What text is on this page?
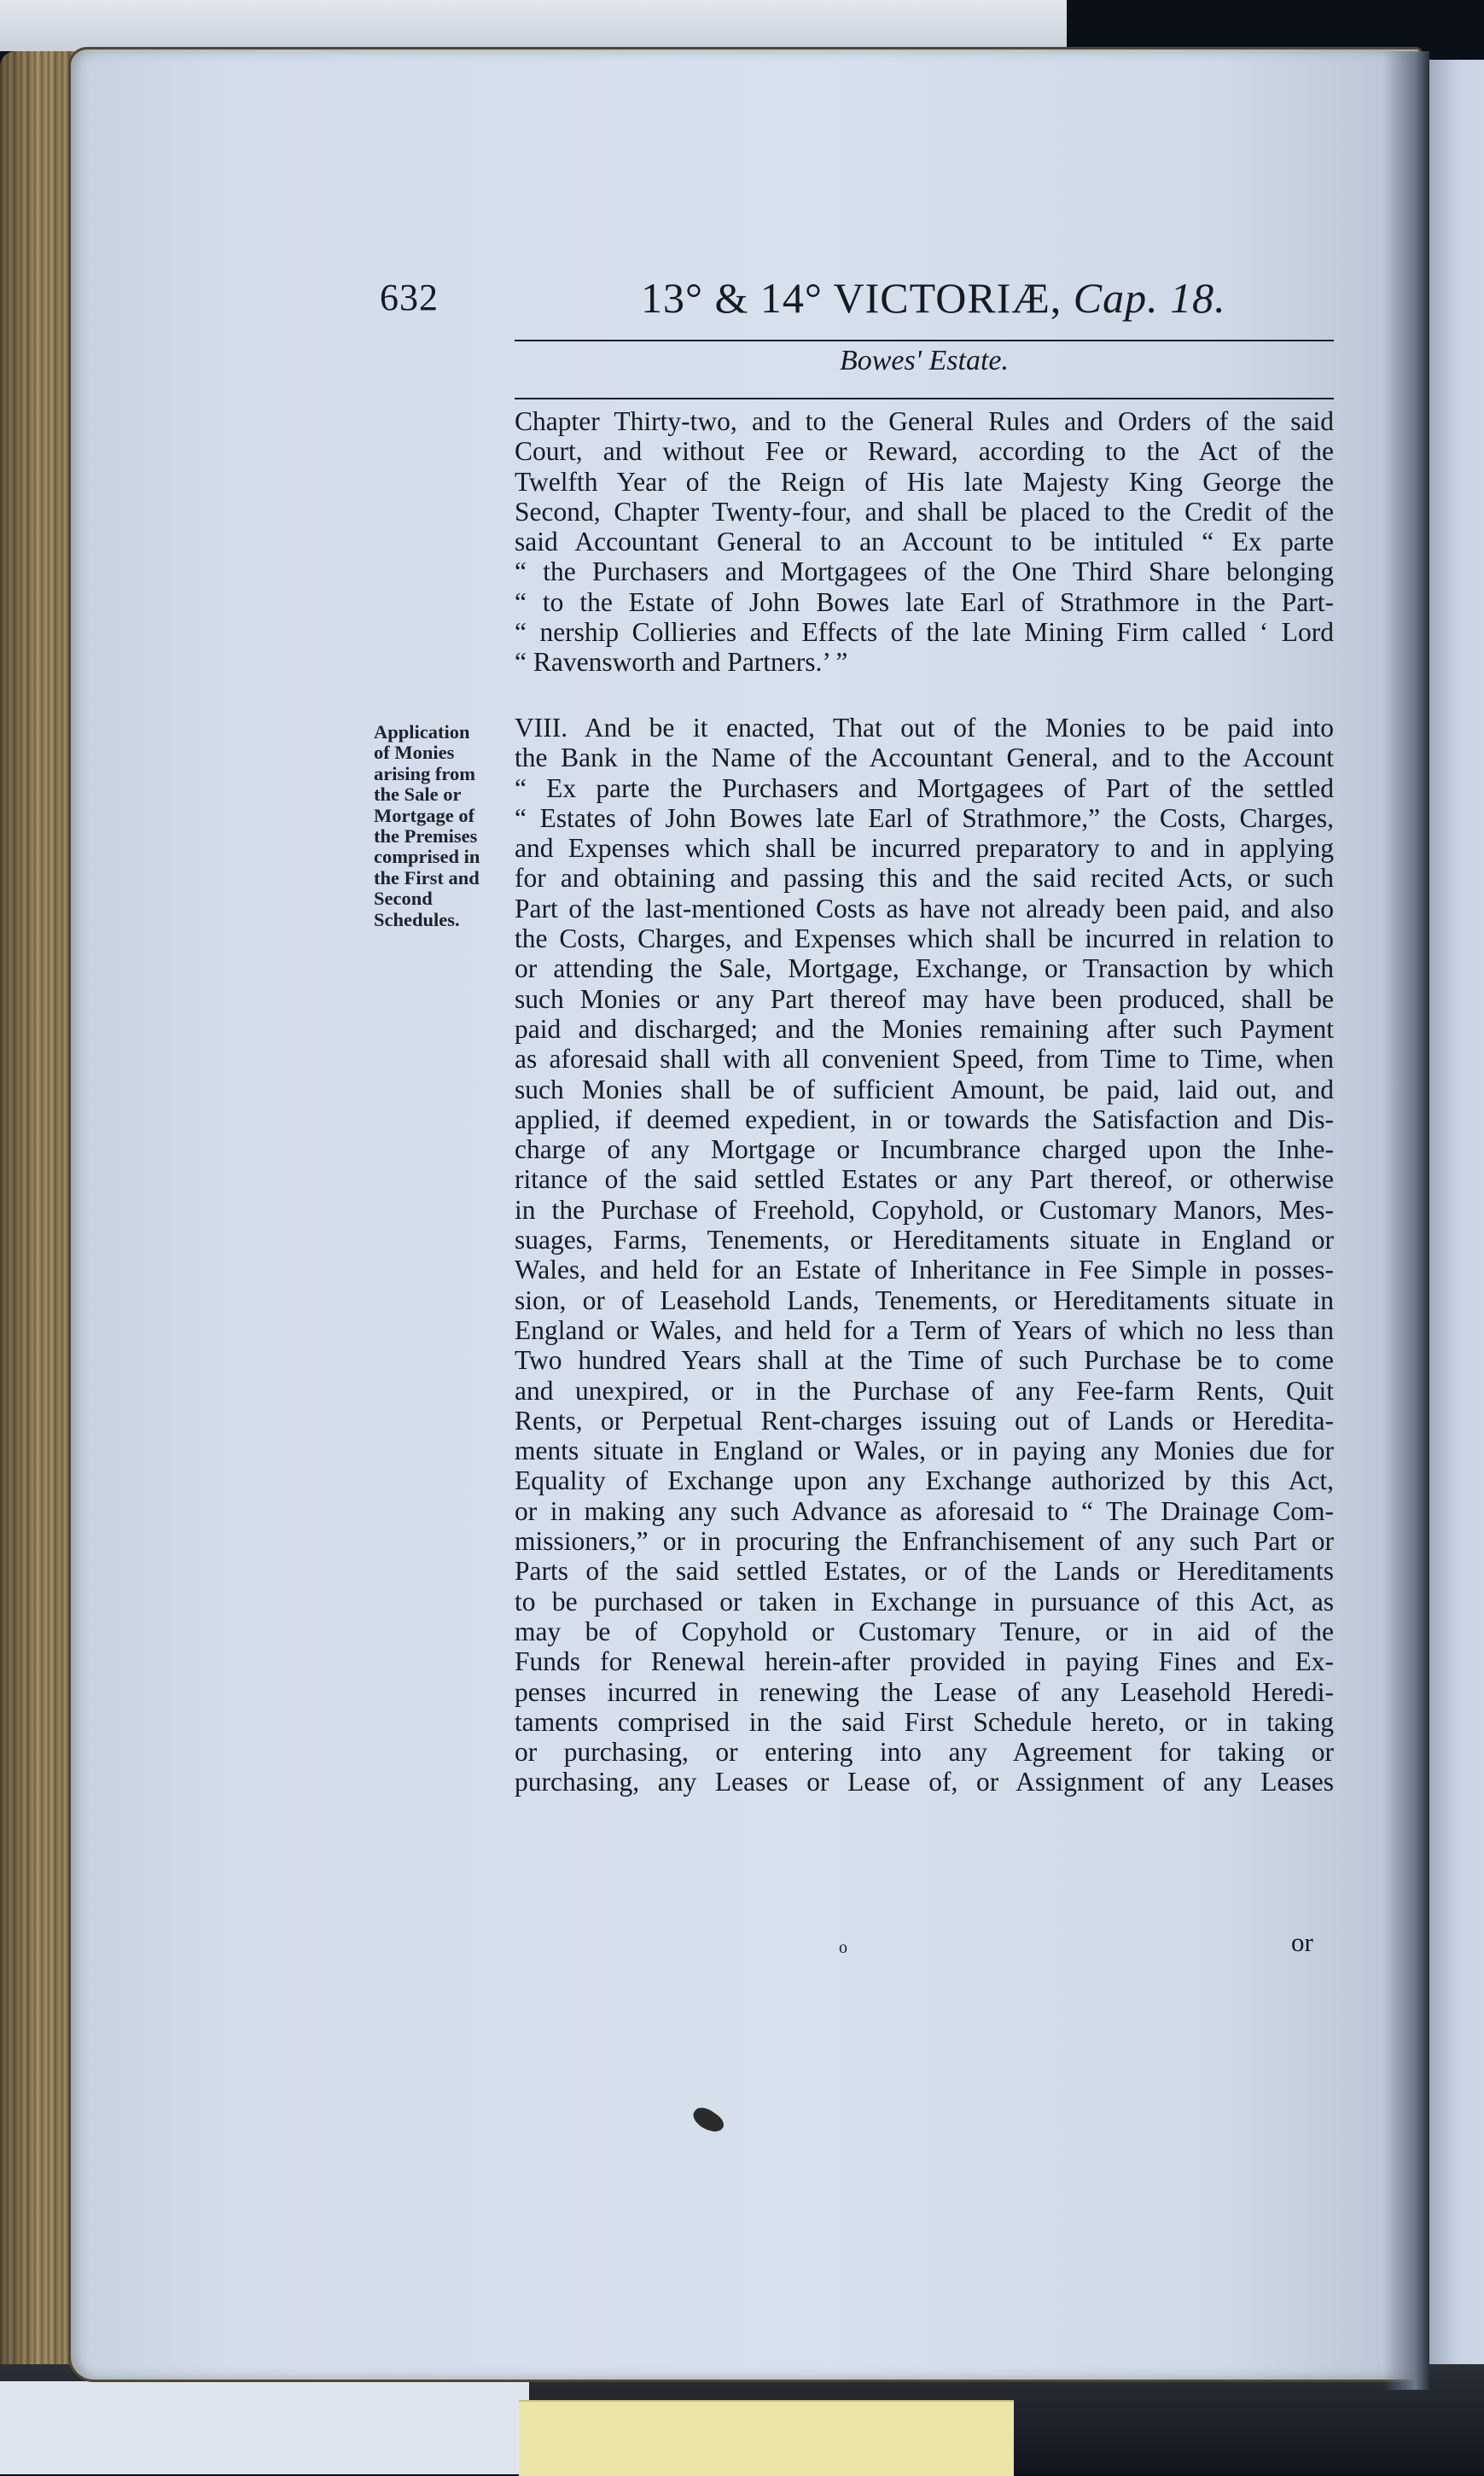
632	13° & 14° VICTORIÆ, Cap. 18.
Bowes' Estate.
Chapter Thirty-two, and to the General Rules and Orders of the said
Court, and without Fee or Reward, according to the Act of the
Twelfth Year of the Reign of His late Majesty King George the
Second, Chapter Twenty-four, and shall be placed to the Credit of the
said Accountant General to an Account to be intituled “ Ex parte
“ the Purchasers and Mortgagees of the One Third Share belonging
“ to the Estate of John Bowes late Earl of Strathmore in the Part-
“ nership Collieries and Effects of the late Mining Firm called ‘ Lord
“ Ravensworth and Partners.’ ”
Application
of Monies
arising from
the Sale or
Mortgage of
the Premises
comprised in
the First and
Second
Schedules.
VIII. And be it enacted, That out of the Monies to be paid into
the Bank in the Name of the Accountant General, and to the Account
“ Ex parte the Purchasers and Mortgagees of Part of the settled
“ Estates of John Bowes late Earl of Strathmore,” the Costs, Charges,
and Expenses which shall be incurred preparatory to and in applying
for and obtaining and passing this and the said recited Acts, or such
Part of the last-mentioned Costs as have not already been paid, and also
the Costs, Charges, and Expenses which shall be incurred in relation to
or attending the Sale, Mortgage, Exchange, or Transaction by which
such Monies or any Part thereof may have been produced, shall be
paid and discharged; and the Monies remaining after such Payment
as aforesaid shall with all convenient Speed, from Time to Time, when
such Monies shall be of sufficient Amount, be paid, laid out, and
applied, if deemed expedient, in or towards the Satisfaction and Dis-
charge of any Mortgage or Incumbrance charged upon the Inhe-
ritance of the said settled Estates or any Part thereof, or otherwise
in the Purchase of Freehold, Copyhold, or Customary Manors, Mes-
suages, Farms, Tenements, or Hereditaments situate in England or
Wales, and held for an Estate of Inheritance in Fee Simple in posses-
sion, or of Leasehold Lands, Tenements, or Hereditaments situate in
England or Wales, and held for a Term of Years of which no less than
Two hundred Years shall at the Time of such Purchase be to come
and unexpired, or in the Purchase of any Fee-farm Rents, Quit
Rents, or Perpetual Rent-charges issuing out of Lands or Heredita-
ments situate in England or Wales, or in paying any Monies due for
Equality of Exchange upon any Exchange authorized by this Act,
or in making any such Advance as aforesaid to “ The Drainage Com-
missioners,” or in procuring the Enfranchisement of any such Part or
Parts of the said settled Estates, or of the Lands or Hereditaments
to be purchased or taken in Exchange in pursuance of this Act, as
may be of Copyhold or Customary Tenure, or in aid of the
Funds for Renewal herein-after provided in paying Fines and Ex-
penses incurred in renewing the Lease of any Leasehold Heredi-
taments comprised in the said First Schedule hereto, or in taking
or purchasing, or entering into any Agreement for taking or
purchasing, any Leases or Lease of, or Assignment of any Leases
o	or
